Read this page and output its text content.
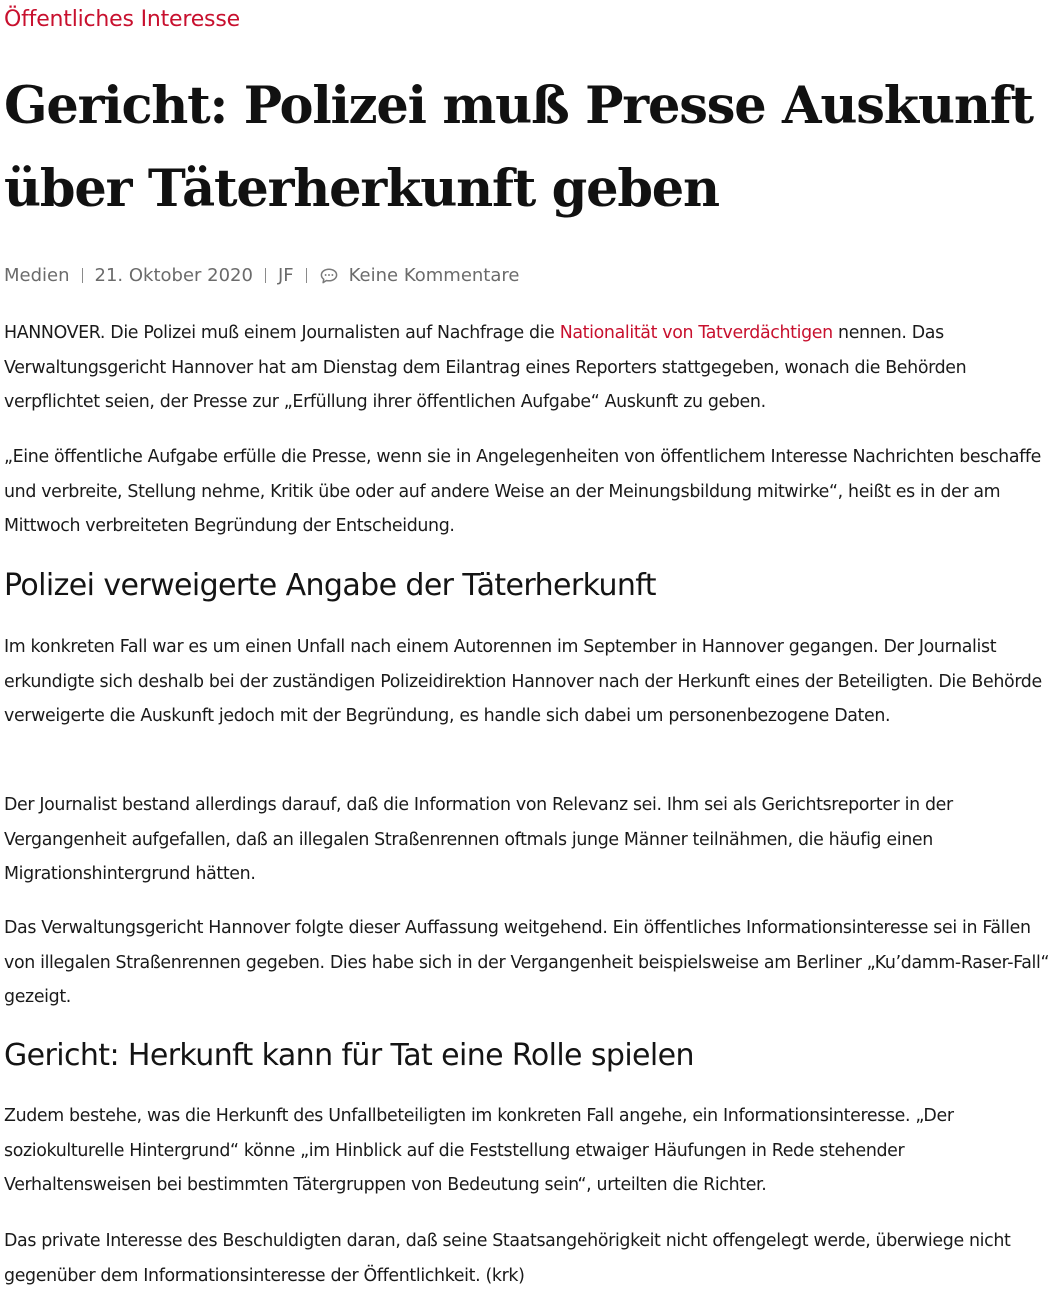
Öffentliches Interesse
Gericht: Polizei muß Presse Auskunft über Täterherkunft geben
Medien 21. Oktober 2020 JF	Keine Kommentare

HANNOVER. Die Polizei muß einem Journalisten auf Nachfrage die Nationalität von Tatverdächtigen nennen. Das Verwaltungsgericht Hannover hat am Dienstag dem Eilantrag eines Reporters stattgegeben, wonach die Behörden verpflichtet seien, der Presse zur „Erfüllung ihrer öffentlichen Aufgabe“ Auskunft zu geben.

„Eine öffentliche Aufgabe erfülle die Presse, wenn sie in Angelegenheiten von öffentlichem Interesse Nachrichten beschaffe und verbreite, Stellung nehme, Kritik übe oder auf andere Weise an der Meinungsbildung mitwirke“, heißt es in der am Mittwoch verbreiteten Begründung der Entscheidung.

Polizei verweigerte Angabe der Täterherkunft

Im konkreten Fall war es um einen Unfall nach einem Autorennen im September in Hannover gegangen. Der Journalist erkundigte sich deshalb bei der zuständigen Polizeidirektion Hannover nach der Herkunft eines der Beteiligten. Die Behörde verweigerte die Auskunft jedoch mit der Begründung, es handle sich dabei um personenbezogene Daten.

Der Journalist bestand allerdings darauf, daß die Information von Relevanz sei. Ihm sei als Gerichtsreporter in der Vergangenheit aufgefallen, daß an illegalen Straßenrennen oftmals junge Männer teilnähmen, die häufig einen Migrationshintergrund hätten.

Das Verwaltungsgericht Hannover folgte dieser Auffassung weitgehend. Ein öffentliches Informationsinteresse sei in Fällen von illegalen Straßenrennen gegeben. Dies habe sich in der Vergangenheit beispielsweise am Berliner „Ku’damm-Raser-Fall“ gezeigt.

Gericht: Herkunft kann für Tat eine Rolle spielen

Zudem bestehe, was die Herkunft des Unfallbeteiligten im konkreten Fall angehe, ein Informationsinteresse. „Der soziokulturelle Hintergrund“ könne „im Hinblick auf die Feststellung etwaiger Häufungen in Rede stehender Verhaltensweisen bei bestimmten Tätergruppen von Bedeutung sein“, urteilten die Richter.

Das private Interesse des Beschuldigten daran, daß seine Staatsangehörigkeit nicht offengelegt werde, überwiege nicht gegenüber dem Informationsinteresse der Öffentlichkeit. (krk)
